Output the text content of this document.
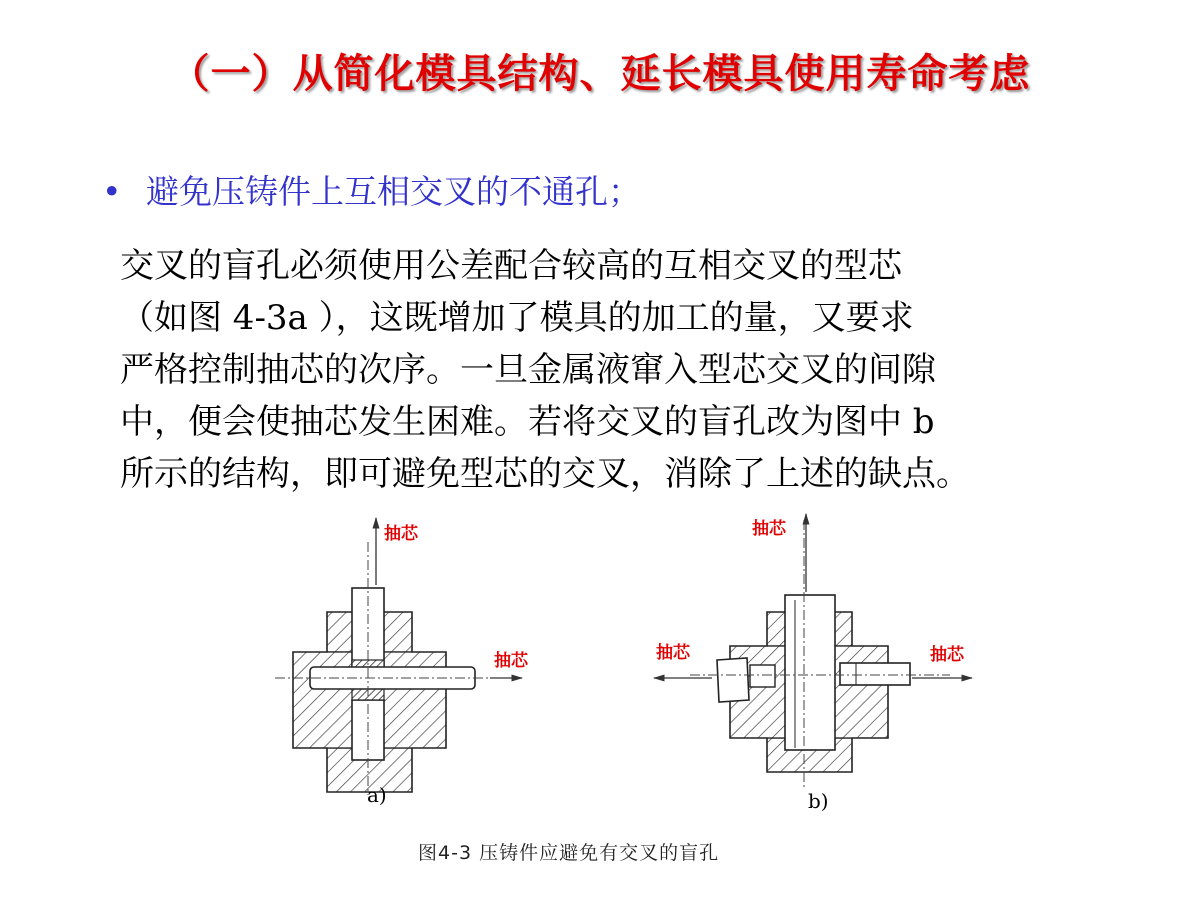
（一）从简化模具结构、延长模具使用寿命考虑
• 避免压铸件上互相交叉的不通孔；
交叉的盲孔必须使用公差配合较高的互相交叉的型芯
（如图 4-3a ），这既增加了模具的加工的量，又要求
严格控制抽芯的次序。一旦金属液窜入型芯交叉的间隙
中，便会使抽芯发生困难。若将交叉的盲孔改为图中 b
所示的结构，即可避免型芯的交叉，消除了上述的缺点。
抽芯
抽芯
a)
抽芯
抽芯	抽芯
b)
图4-3 压铸件应避免有交叉的盲孔
